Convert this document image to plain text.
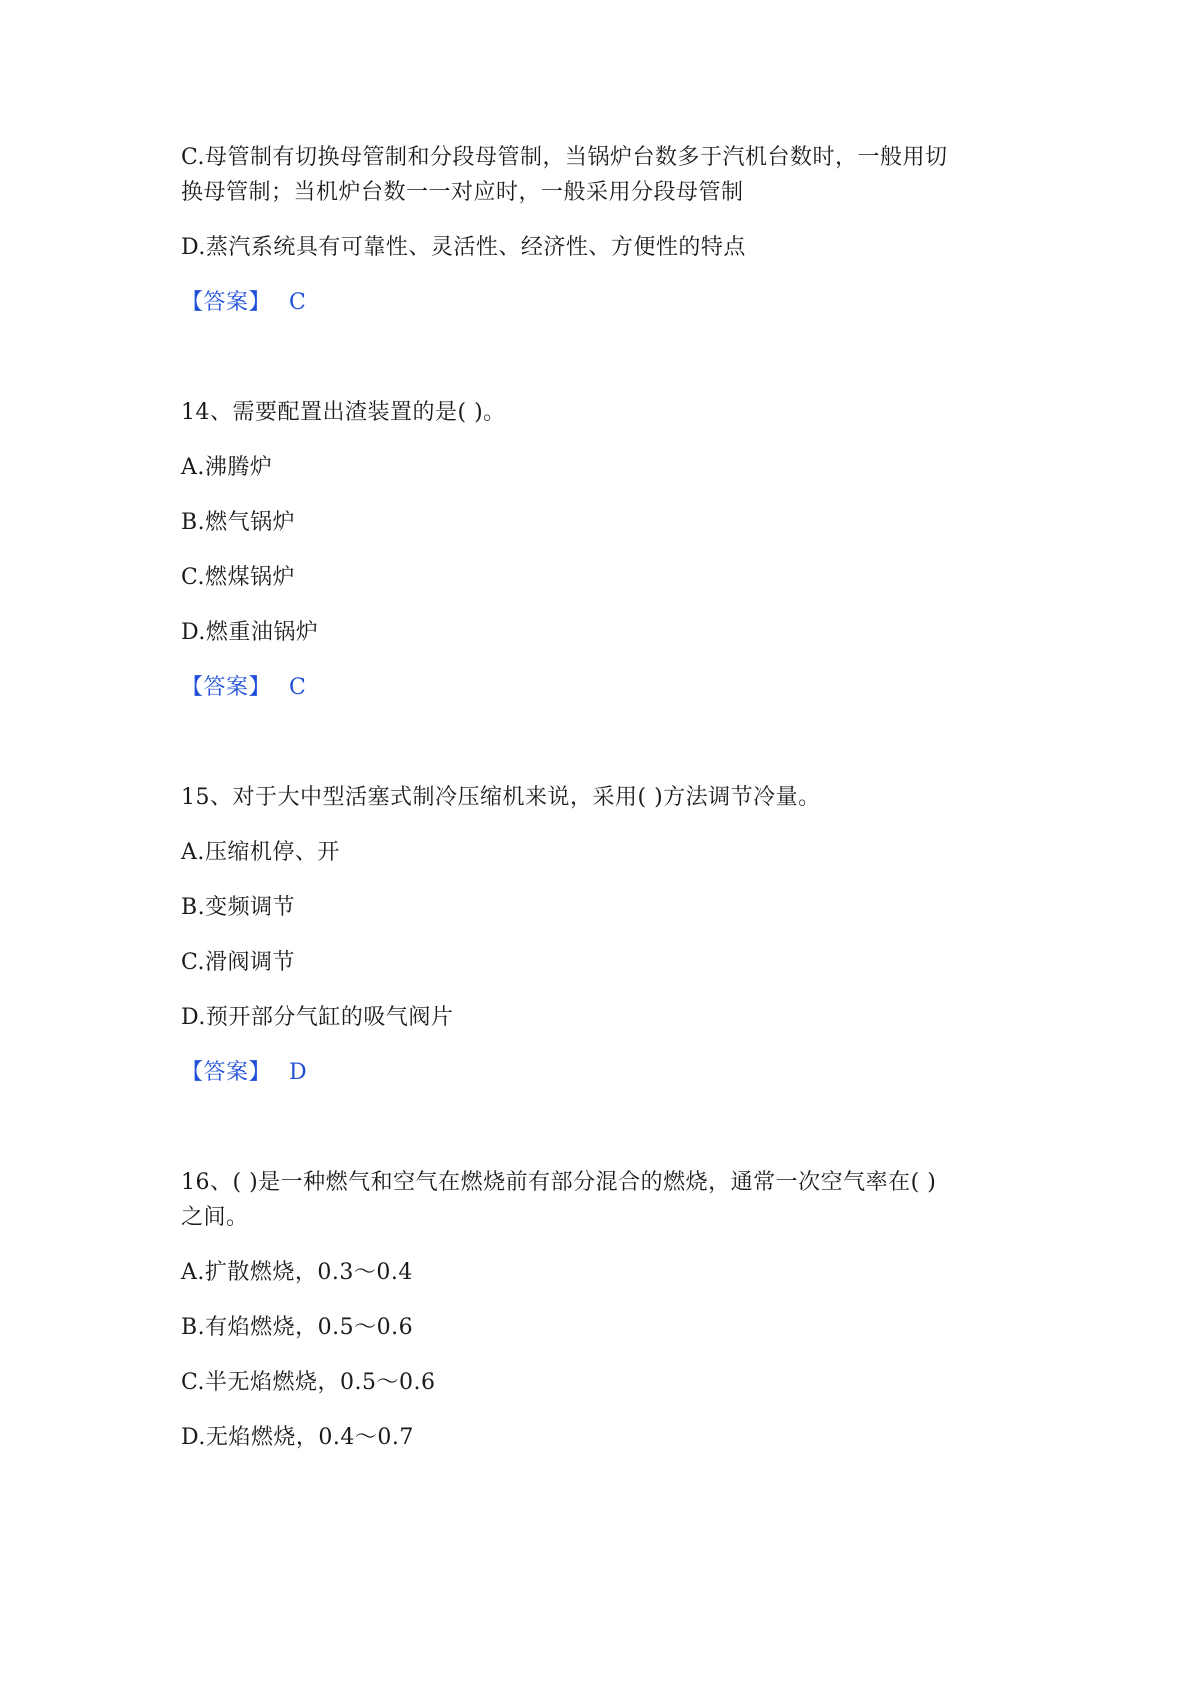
C.母管制有切换母管制和分段母管制，当锅炉台数多于汽机台数时，一般用切
换母管制；当机炉台数一一对应时，一般采用分段母管制
D.蒸汽系统具有可靠性、灵活性、经济性、方便性的特点
【答案】 C
14、需要配置出渣装置的是( )。
A.沸腾炉
B.燃气锅炉
C.燃煤锅炉
D.燃重油锅炉
【答案】 C
15、对于大中型活塞式制冷压缩机来说，采用( )方法调节冷量。
A.压缩机停、开
B.变频调节
C.滑阀调节
D.预开部分气缸的吸气阀片
【答案】 D
16、( )是一种燃气和空气在燃烧前有部分混合的燃烧，通常一次空气率在( )
之间。
A.扩散燃烧，0.3～0.4
B.有焰燃烧，0.5～0.6
C.半无焰燃烧，0.5～0.6
D.无焰燃烧，0.4～0.7
